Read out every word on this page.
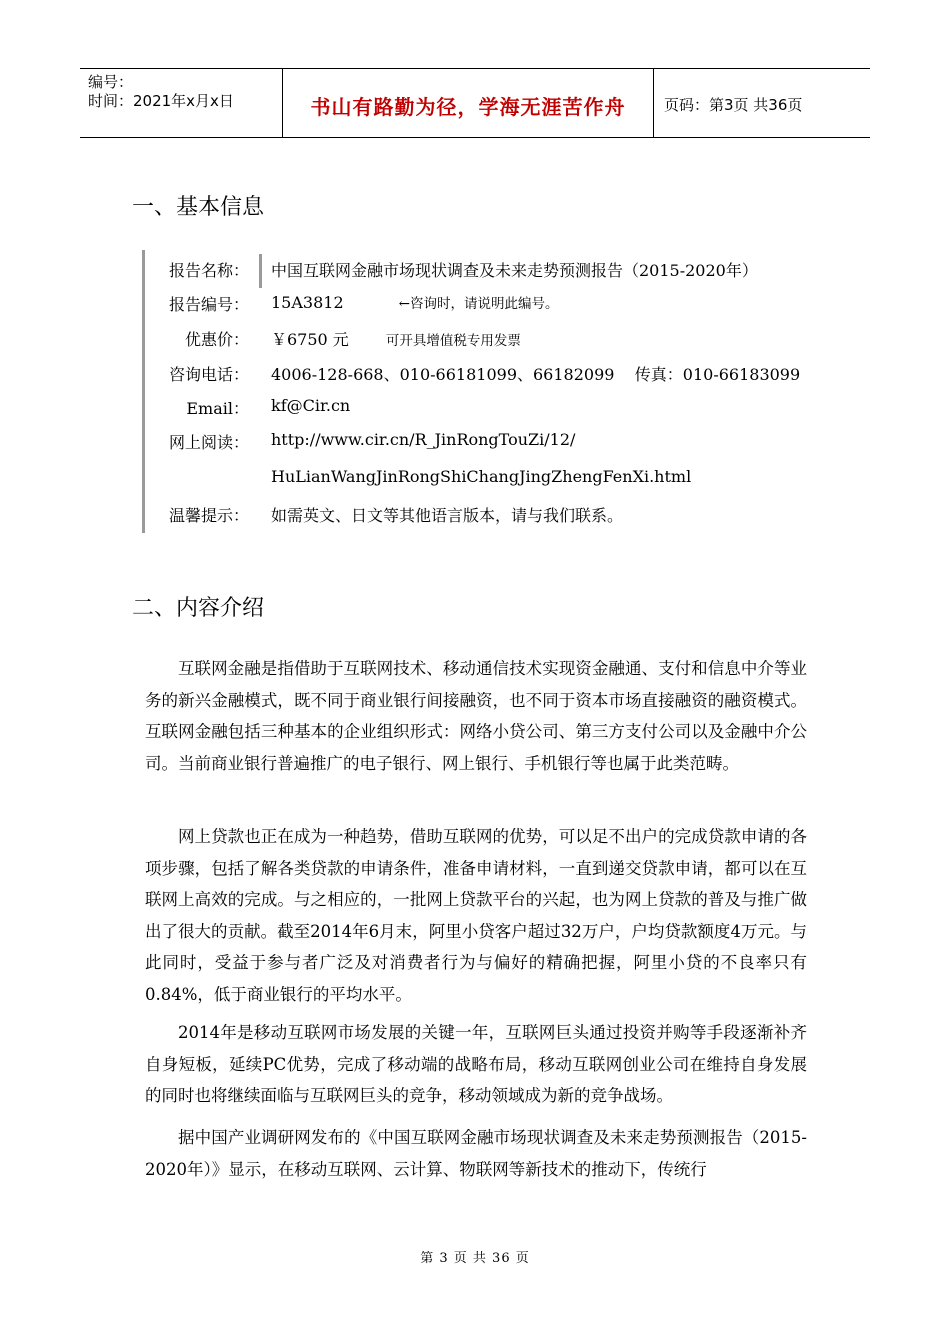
编号：
时间：2021年x月x日	书山有路勤为径，学海无涯苦作舟	页码：第3页 共36页
一、基本信息
报告名称： 中国互联网金融市场现状调查及未来走势预测报告（2015-2020年）
报告编号： 15A3812	←咨询时，请说明此编号。
优惠价： ￥6750 元	可开具增值税专用发票
咨询电话： 4006-128-668、010-66181099、66182099    传真：010-66183099
Email： kf@Cir.cn
网上阅读： http://www.cir.cn/R_JinRongTouZi/12/
HuLianWangJinRongShiChangJingZhengFenXi.html
温馨提示： 如需英文、日文等其他语言版本，请与我们联系。
二、内容介绍

互联网金融是指借助于互联网技术、移动通信技术实现资金融通、支付和信息中介等业务的新兴金融模式，既不同于商业银行间接融资，也不同于资本市场直接融资的融资模式。互联网金融包括三种基本的企业组织形式：网络小贷公司、第三方支付公司以及金融中介公司。当前商业银行普遍推广的电子银行、网上银行、手机银行等也属于此类范畴。

网上贷款也正在成为一种趋势，借助互联网的优势，可以足不出户的完成贷款申请的各项步骤，包括了解各类贷款的申请条件，准备申请材料，一直到递交贷款申请，都可以在互联网上高效的完成。与之相应的，一批网上贷款平台的兴起，也为网上贷款的普及与推广做出了很大的贡献。截至2014年6月末，阿里小贷客户超过32万户，户均贷款额度4万元。与此同时，受益于参与者广泛及对消费者行为与偏好的精确把握，阿里小贷的不良率只有0.84%，低于商业银行的平均水平。

2014年是移动互联网市场发展的关键一年，互联网巨头通过投资并购等手段逐渐补齐自身短板，延续PC优势，完成了移动端的战略布局，移动互联网创业公司在维持自身发展的同时也将继续面临与互联网巨头的竞争，移动领域成为新的竞争战场。

据中国产业调研网发布的《中国互联网金融市场现状调查及未来走势预测报告（2015-2020年）》显示，在移动互联网、云计算、物联网等新技术的推动下，传统行

第 3 页 共 36 页
